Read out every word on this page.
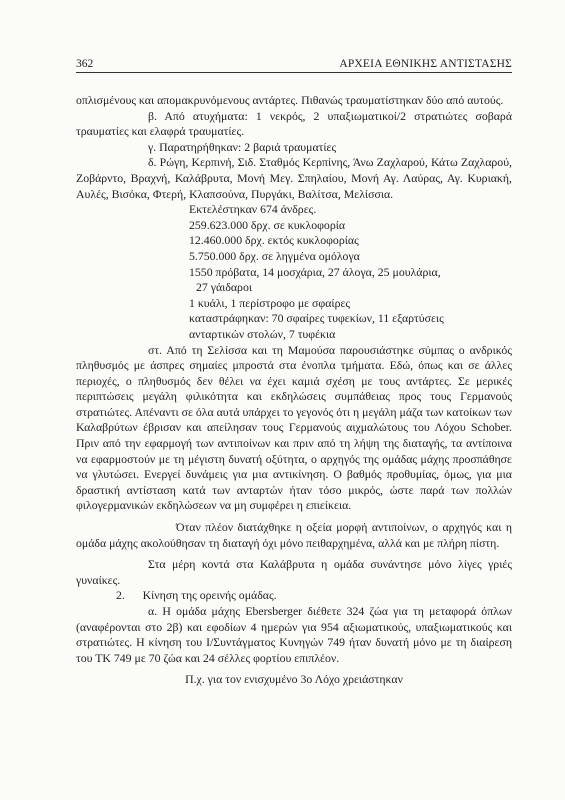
362	ΑΡΧΕΙΑ ΕΘΝΙΚΗΣ ΑΝΤΙΣΤΑΣΗΣ

οπλισμένους και απομακρυνόμενους αντάρτες. Πιθανώς τραυματίστηκαν δύο από αυτούς.

β. Από ατυχήματα: 1 νεκρός, 2 υπαξιωματικοί/2 στρατιώτες σοβαρά τραυματίες και ελαφρά τραυματίες.

γ. Παρατηρήθηκαν: 2 βαριά τραυματίες

δ. Ρώγη, Κερπινή, Σιδ. Σταθμός Κερπίνης, Άνω Ζαχλαρού, Κάτω Ζαχλαρού, Ζοβάρντο, Βραχνή, Καλάβρυτα, Μονή Μεγ. Σπηλαίου, Μονή Αγ. Λαύρας, Αγ. Κυριακή, Αυλές, Βισόκα, Φτερή, Κλαπσούνα, Πυργάκι, Βαλίτσα, Μελίσσια.

Εκτελέστηκαν 674 άνδρες.
259.623.000 δρχ. σε κυκλοφορία
12.460.000 δρχ. εκτός κυκλοφορίας
5.750.000 δρχ. σε ληγμένα ομόλογα
1550 πρόβατα, 14 μοσχάρια, 27 άλογα, 25 μουλάρια,
27 γάιδαροι
1 κυάλι, 1 περίστροφο με σφαίρες
καταστράφηκαν: 70 σφαίρες τυφεκίων, 11 εξαρτύσεις
ανταρτικών στολών, 7 τυφέκια

στ. Από τη Σελίσσα και τη Μαμούσα παρουσιάστηκε σύμπας ο ανδρικός πληθυσμός με άσπρες σημαίες μπροστά στα ένοπλα τμήματα. Εδώ, όπως και σε άλλες περιοχές, ο πληθυσμός δεν θέλει να έχει καμιά σχέση με τους αντάρτες. Σε μερικές περιπτώσεις μεγάλη φιλικότητα και εκδηλώσεις συμπάθειας προς τους Γερμανούς στρατιώτες. Απέναντι σε όλα αυτά υπάρχει το γεγονός ότι η μεγάλη μάζα των κατοίκων των Καλαβρύτων έβρισαν και απείλησαν τους Γερμανούς αιχμαλώτους του Λόχου Schober. Πριν από την εφαρμογή των αντιποίνων και πριν από τη λήψη της διαταγής, τα αντίποινα να εφαρμοστούν με τη μέγιστη δυνατή οξύτητα, ο αρχηγός της ομάδας μάχης προσπάθησε να γλυτώσει. Ενεργεί δυνάμεις για μια αντικίνηση. Ο βαθμός προθυμίας, όμως, για μια δραστική αντίσταση κατά των ανταρτών ήταν τόσο μικρός, ώστε παρά των πολλών φιλογερμανικών εκδηλώσεων να μη συμφέρει η επιείκεια.

Όταν πλέον διατάχθηκε η οξεία μορφή αντιποίνων, ο αρχηγός και η ομάδα μάχης ακολούθησαν τη διαταγή όχι μόνο πειθαρχημένα, αλλά και με πλήρη πίστη.

Στα μέρη κοντά στα Καλάβρυτα η ομάδα συνάντησε μόνο λίγες γριές γυναίκες.

2. Κίνηση της ορεινής ομάδας.

α. Η ομάδα μάχης Ebersberger διέθετε 324 ζώα για τη μεταφορά όπλων (αναφέρονται στο 2β) και εφοδίων 4 ημερών για 954 αξιωματικούς, υπαξιωματικούς και στρατιώτες. Η κίνηση του Ι/Συντάγματος Κυνηγών 749 ήταν δυνατή μόνο με τη διαίρεση του ΤΚ 749 με 70 ζώα και 24 σέλλες φορτίου επιπλέον.

Π.χ. για τον ενισχυμένο 3ο Λόχο χρειάστηκαν
